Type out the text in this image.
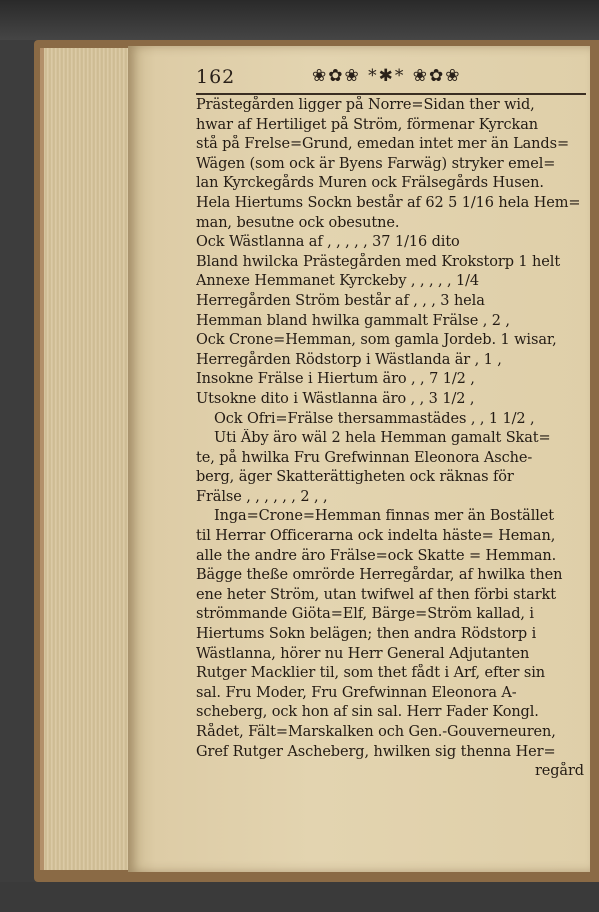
162	❀✿❀ *✱* ❀✿❀
Prästegården ligger på Norre=Sidan ther wid,
hwar af Hertiliget på Ström, förmenar Kyrckan
stå på Frelse=Grund, emedan intet mer än Lands=
Wägen (som ock är Byens Farwäg) stryker emel=
lan Kyrckegårds Muren ock Frälsegårds Husen.
Hela Hiertums Sockn består af 62 5 1/16 hela Hem=
man, besutne ock obesutne.
Ock Wästlanna af , , , , , 37 1/16 dito
Bland hwilcka Prästegården med Krokstorp 1 helt
Annexe Hemmanet Kyrckeby , , , , , 1/4
Herregården Ström består af , , , 3 hela
Hemman bland hwilka gammalt Frälse , 2 ,
Ock Crone=Hemman, som gamla Jordeb. 1 wisar,
Herregården Rödstorp i Wästlanda är , 1 ,
Insokne Frälse i Hiertum äro , , 7 1/2 ,
Utsokne dito i Wästlanna äro , , 3 1/2 ,
Ock Ofri=Frälse thersammastädes , , 1 1/2 ,
Uti Äby äro wäl 2 hela Hemman gamalt Skat=
te, på hwilka Fru Grefwinnan Eleonora Asche-
berg, äger Skatterättigheten ock räknas för
Frälse , , , , , , 2 , ,
Inga=Crone=Hemman finnas mer än Bostället
til Herrar Officerarna ock indelta häste= Heman,
alle the andre äro Frälse=ock Skatte = Hemman.
Bägge theße omrörde Herregårdar, af hwilka then
ene heter Ström, utan twifwel af then förbi starkt
strömmande Giöta=Elf, Bärge=Ström kallad, i
Hiertums Sokn belägen; then andra Rödstorp i
Wästlanna, hörer nu Herr General Adjutanten
Rutger Macklier til, som thet fådt i Arf, efter sin
sal. Fru Moder, Fru Grefwinnan Eleonora A-
scheberg, ock hon af sin sal. Herr Fader Kongl.
Rådet, Fält=Marskalken och Gen.-Gouverneuren,
Gref Rutger Ascheberg, hwilken sig thenna Her=
regård
